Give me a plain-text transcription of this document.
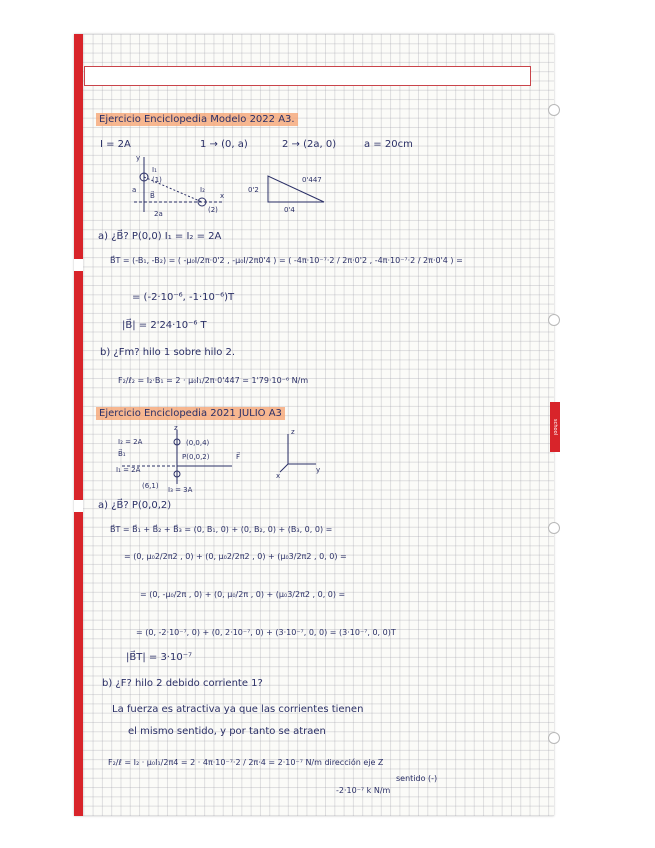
Ejercicio Enciclopedia Modelo 2022 A3.
I = 2A	1 → (0, a)	2 → (2a, 0)	a = 20cm
y
I₁
(1)
a
B⃗
I₂
x
(2)
2a
0'2
0'447
0'4
a) ¿B⃗? P(0,0) I₁ = I₂ = 2A
B⃗T = (-B₁, -B₂) = ( -μ₀I/2π·0'2 , -μ₀I/2π0'4 ) = ( -4π·10⁻⁷·2 / 2π·0'2 , -4π·10⁻⁷·2 / 2π·0'4 ) =
= (-2·10⁻⁶, -1·10⁻⁶)T
|B⃗| = 2'24·10⁻⁶ T
b) ¿Fm? hilo 1 sobre hilo 2.
F₂/ℓ₂ = I₂·B₁ = 2 · μ₀I₁/2π·0'447 = 1'79·10⁻⁶ N/m
Ejercicio Enciclopedia 2021 JULIO A3
z
I₂ = 2A	(0,0,4)
B⃗₁	P(0,0,2)
I₁ = 2A
F⃗
(6,1) I₃ = 3A
y
x
z
a) ¿B⃗? P(0,0,2)
B⃗T = B⃗₁ + B⃗₂ + B⃗₃ = (0, B₁, 0) + (0, B₂, 0) + (B₃, 0, 0) =
= (0, μ₀2/2π2 , 0) + (0, μ₀2/2π2 , 0) + (μ₀3/2π2 , 0, 0) =
= (0, -μ₀/2π , 0) + (0, μ₀/2π , 0) + (μ₀3/2π2 , 0, 0) =
= (0, -2·10⁻⁷, 0) + (0, 2·10⁻⁷, 0) + (3·10⁻⁷, 0, 0) = (3·10⁻⁷, 0, 0)T
|B⃗T| = 3·10⁻⁷
b) ¿F? hilo 2 debido corriente 1?
La fuerza es atractiva ya que las corrientes tienen
el mismo sentido, y por tanto se atraen
F₂/ℓ = I₂ · μ₀I₁/2π4 = 2 · 4π·10⁻⁷·2 / 2π·4 = 2·10⁻⁷ N/m dirección eje Z
sentido (-)
-2·10⁻⁷ k N/m
school
